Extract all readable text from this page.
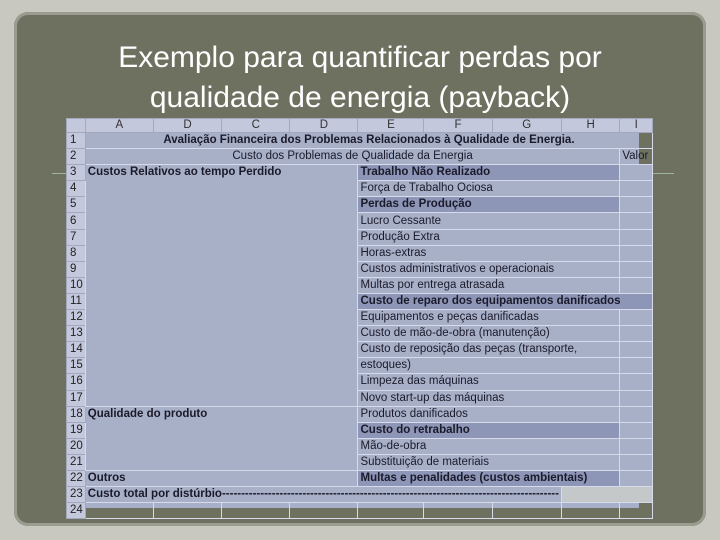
Exemplo para quantificar perdas por
qualidade de energia (payback)
	A	D	C	D	E	F	G	H	I
1	Avaliação Financeira dos Problemas Relacionados à Qualidade de Energia.								
2	Custo dos Problemas de Qualidade da Energia								Valor
3	Custos Relativos ao tempo Perdido				Trabalho Não Realizado				
4					Força de Trabalho Ociosa				
5					Perdas de Produção				
6					Lucro Cessante				
7					Produção Extra				
8					Horas-extras				
9					Custos administrativos e operacionais				
10					Multas por entrega atrasada				
11					Custo de reparo dos equipamentos danificados				
12					Equipamentos e peças danificadas				
13					Custo de mão-de-obra (manutenção)				
14					Custo de reposição das peças (transporte,				
15					estoques)				
16					Limpeza das máquinas				
17					Novo start-up das máquinas				
18	Qualidade do produto				Produtos danificados				
19					Custo do retrabalho				
20					Mão-de-obra				
21					Substituição de materiais				
22	Outros				Multas e penalidades (custos ambientais)				
23	Custo total por distúrbio----------------------------------------------------------------------------------------								
24									
